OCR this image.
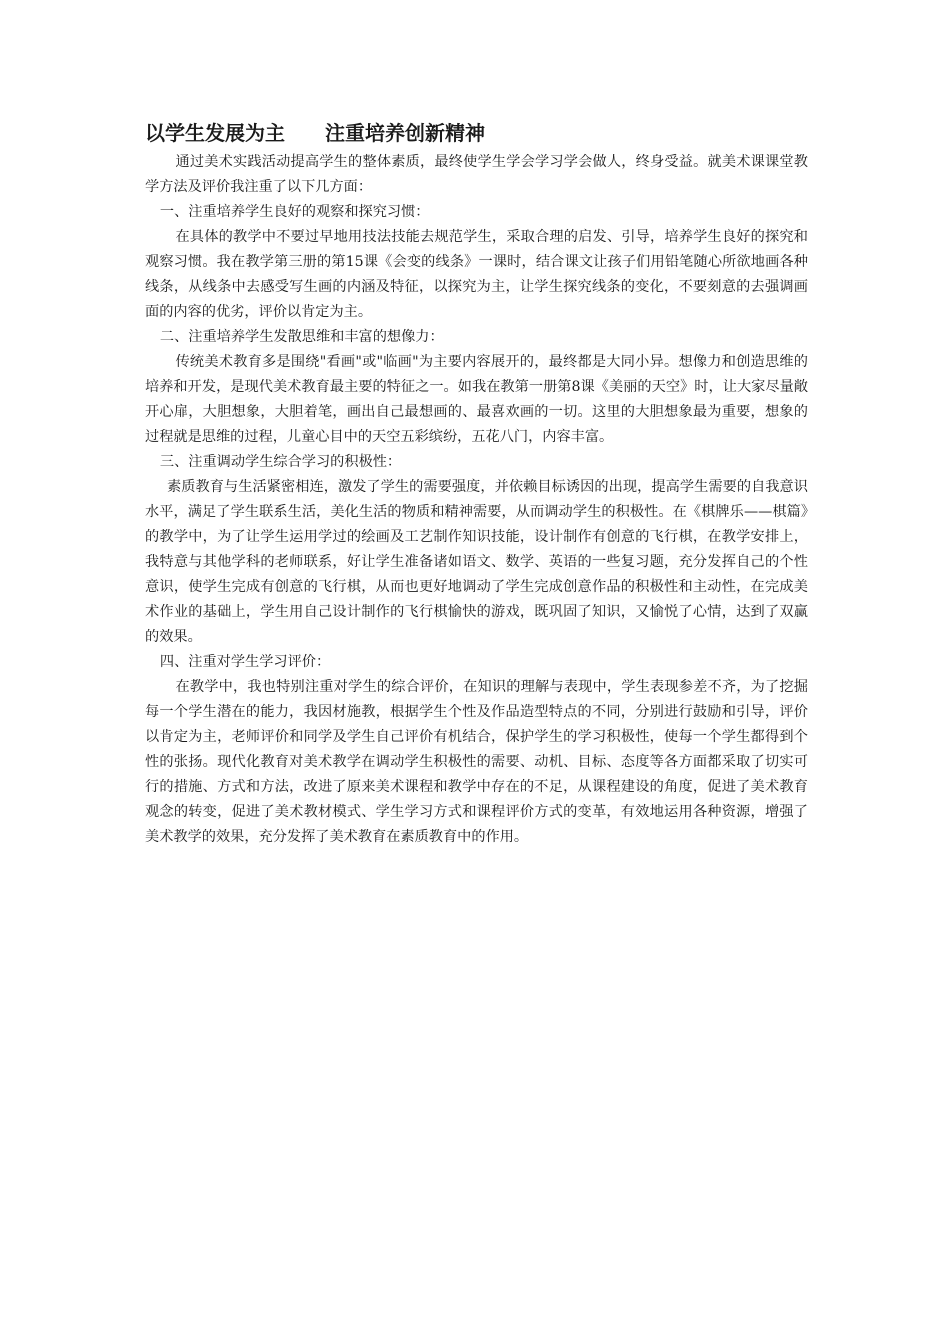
以学生发展为主　　注重培养创新精神

通过美术实践活动提高学生的整体素质，最终使学生学会学习学会做人，终身受益。就美术课课堂教学方法及评价我注重了以下几方面：

一、注重培养学生良好的观察和探究习惯：

在具体的教学中不要过早地用技法技能去规范学生，采取合理的启发、引导，培养学生良好的探究和观察习惯。我在教学第三册的第15课《会变的线条》一课时，结合课文让孩子们用铅笔随心所欲地画各种线条，从线条中去感受写生画的内涵及特征，以探究为主，让学生探究线条的变化，不要刻意的去强调画面的内容的优劣，评价以肯定为主。

二、注重培养学生发散思维和丰富的想像力：

传统美术教育多是围绕"看画"或"临画"为主要内容展开的，最终都是大同小异。想像力和创造思维的培养和开发，是现代美术教育最主要的特征之一。如我在教第一册第8课《美丽的天空》时，让大家尽量敞开心扉，大胆想象，大胆着笔，画出自己最想画的、最喜欢画的一切。这里的大胆想象最为重要，想象的过程就是思维的过程，儿童心目中的天空五彩缤纷，五花八门，内容丰富。

三、注重调动学生综合学习的积极性：

素质教育与生活紧密相连，激发了学生的需要强度，并依赖目标诱因的出现，提高学生需要的自我意识水平，满足了学生联系生活，美化生活的物质和精神需要，从而调动学生的积极性。在《棋牌乐——棋篇》的教学中，为了让学生运用学过的绘画及工艺制作知识技能，设计制作有创意的飞行棋，在教学安排上，我特意与其他学科的老师联系，好让学生准备诸如语文、数学、英语的一些复习题，充分发挥自己的个性意识，使学生完成有创意的飞行棋，从而也更好地调动了学生完成创意作品的积极性和主动性，在完成美术作业的基础上，学生用自己设计制作的飞行棋愉快的游戏，既巩固了知识，又愉悦了心情，达到了双赢的效果。

四、注重对学生学习评价：

在教学中，我也特别注重对学生的综合评价，在知识的理解与表现中，学生表现参差不齐，为了挖掘每一个学生潜在的能力，我因材施教，根据学生个性及作品造型特点的不同，分别进行鼓励和引导，评价以肯定为主，老师评价和同学及学生自己评价有机结合，保护学生的学习积极性，使每一个学生都得到个性的张扬。现代化教育对美术教学在调动学生积极性的需要、动机、目标、态度等各方面都采取了切实可行的措施、方式和方法，改进了原来美术课程和教学中存在的不足，从课程建设的角度，促进了美术教育观念的转变，促进了美术教材模式、学生学习方式和课程评价方式的变革，有效地运用各种资源，增强了美术教学的效果，充分发挥了美术教育在素质教育中的作用。
